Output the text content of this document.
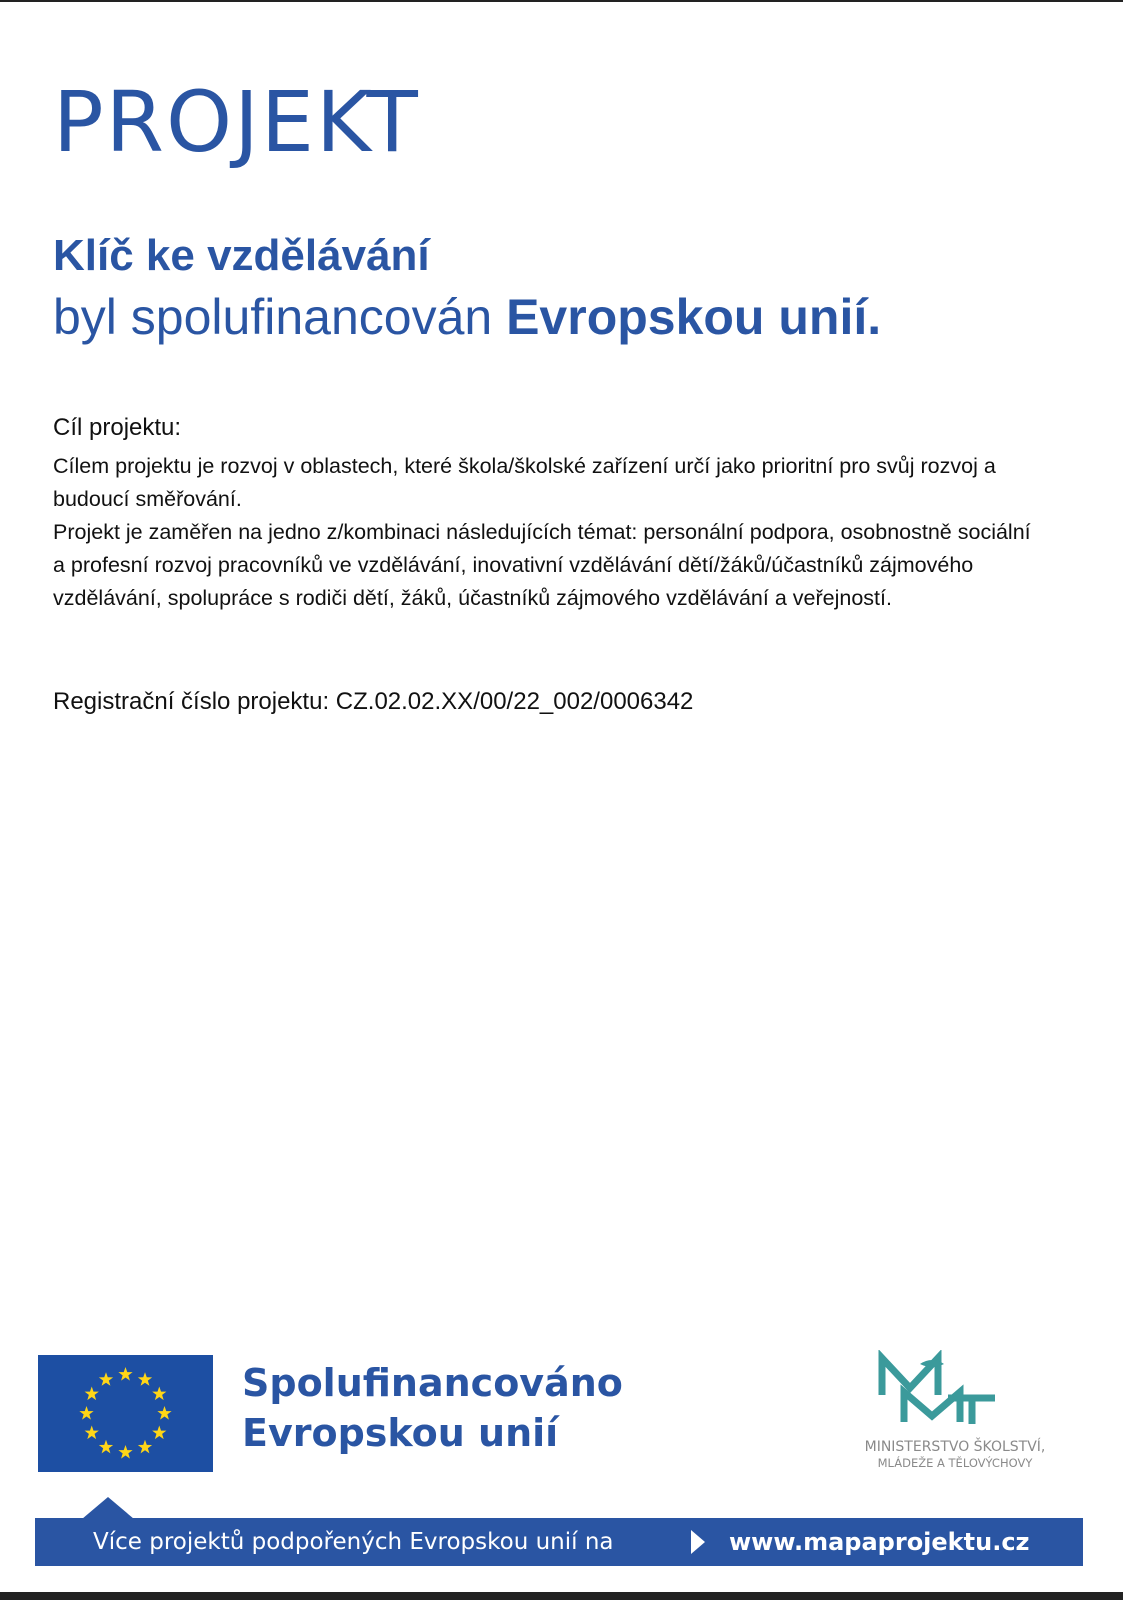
PROJEKT
Klíč ke vzdělávání
byl spolufinancován Evropskou unií.
Cíl projektu:

Cílem projektu je rozvoj v oblastech, které škola/školské zařízení určí jako prioritní pro svůj rozvoj a budoucí směřování.

Projekt je zaměřen na jedno z/kombinaci následujících témat: personální podpora, osobnostně sociální a profesní rozvoj pracovníků ve vzdělávání, inovativní vzdělávání dětí/žáků/účastníků zájmového vzdělávání, spolupráce s rodiči dětí, žáků, účastníků zájmového vzdělávání a veřejností.

Registrační číslo projektu: CZ.02.02.XX/00/22_002/0006342
Spolufinancováno
Evropskou unií	MINISTERSTVO ŠKOLSTVÍ,
MLÁDEŽE A TĚLOVÝCHOVY
Více projektů podpořených Evropskou unií na	www.mapaprojektu.cz
